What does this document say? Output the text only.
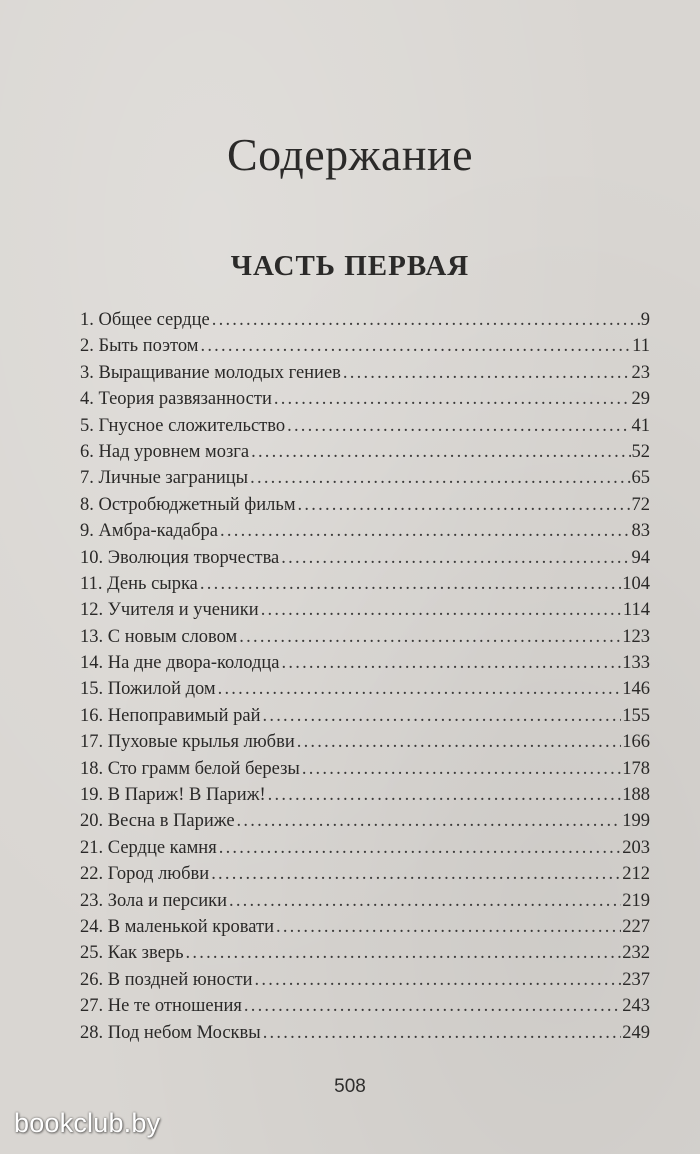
Содержание
ЧАСТЬ ПЕРВАЯ
1. Общее сердце . . .	9
2. Быть поэтом . . .	11
3. Выращивание молодых гениев . . .	23
4. Теория развязанности . . .	29
5. Гнусное сложительство . . .	41
6. Над уровнем мозга . . .	52
7. Личные заграницы . . .	65
8. Остробюджетный фильм . . .	72
9. Амбра-кадабра . . .	83
10. Эволюция творчества . . .	94
11. День сырка . . .	104
12. Учителя и ученики . . .	114
13. С новым словом . . .	123
14. На дне двора-колодца . . .	133
15. Пожилой дом . . .	146
16. Непоправимый рай . . .	155
17. Пуховые крылья любви . . .	166
18. Сто грамм белой березы . . .	178
19. В Париж! В Париж! . . .	188
20. Весна в Париже . . .	199
21. Сердце камня . . .	203
22. Город любви . . .	212
23. Зола и персики . . .	219
24. В маленькой кровати . . .	227
25. Как зверь . . .	232
26. В поздней юности . . .	237
27. Не те отношения . . .	243
28. Под небом Москвы . . .	249
508
bookclub.by
